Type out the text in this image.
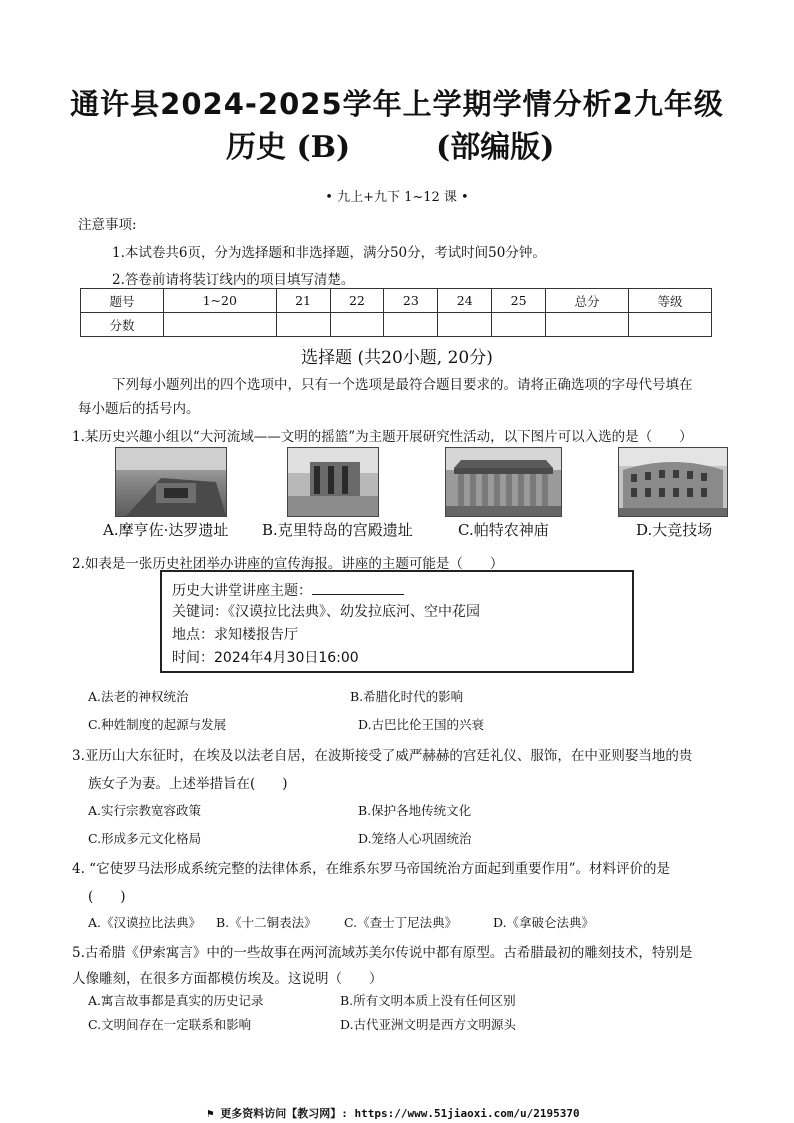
通许县2024-2025学年上学期学情分析2九年级
历史 (B)	(部编版)
• 九上+九下 1~12 课 •
注意事项:
1.本试卷共6页，分为选择题和非选择题，满分50分，考试时间50分钟。
2.答卷前请将装订线内的项目填写清楚。
题号	1~20	21	22	23	24	25	总分	等级
分数								
选择题 (共20小题, 20分)
下列每小题列出的四个选项中，只有一个选项是最符合题目要求的。请将正确选项的字母代号填在
每小题后的括号内。
1.某历史兴趣小组以“大河流域——文明的摇篮”为主题开展研究性活动，以下图片可以入选的是（　　）
A.摩亨佐·达罗遗址 B.克里特岛的宫殿遗址	C.帕特农神庙	D.大竞技场
2.如表是一张历史社团举办讲座的宣传海报。讲座的主题可能是（　　）
历史大讲堂讲座主题：
关键词：《汉谟拉比法典》、幼发拉底河、空中花园
地点：求知楼报告厅
时间：2024年4月30日16:00
A.法老的神权统治	B.希腊化时代的影响
C.种姓制度的起源与发展	D.古巴比伦王国的兴衰
3.亚历山大东征时，在埃及以法老自居，在波斯接受了威严赫赫的宫廷礼仪、服饰，在中亚则娶当地的贵
族女子为妻。上述举措旨在(　　)
A.实行宗教宽容政策	B.保护各地传统文化
C.形成多元文化格局	D.笼络人心巩固统治
4. “它使罗马法形成系统完整的法律体系，在维系东罗马帝国统治方面起到重要作用”。材料评价的是
(　　)
A.《汉谟拉比法典》 B.《十二铜表法》 C.《查士丁尼法典》	D.《拿破仑法典》
5.古希腊《伊索寓言》中的一些故事在两河流域苏美尔传说中都有原型。古希腊最初的雕刻技术，特别是
人像雕刻，在很多方面都模仿埃及。这说明（　　）
A.寓言故事都是真实的历史记录	B.所有文明本质上没有任何区别
C.文明间存在一定联系和影响	D.古代亚洲文明是西方文明源头
⚑ 更多资料访问【教习网】: https://www.51jiaoxi.com/u/2195370
